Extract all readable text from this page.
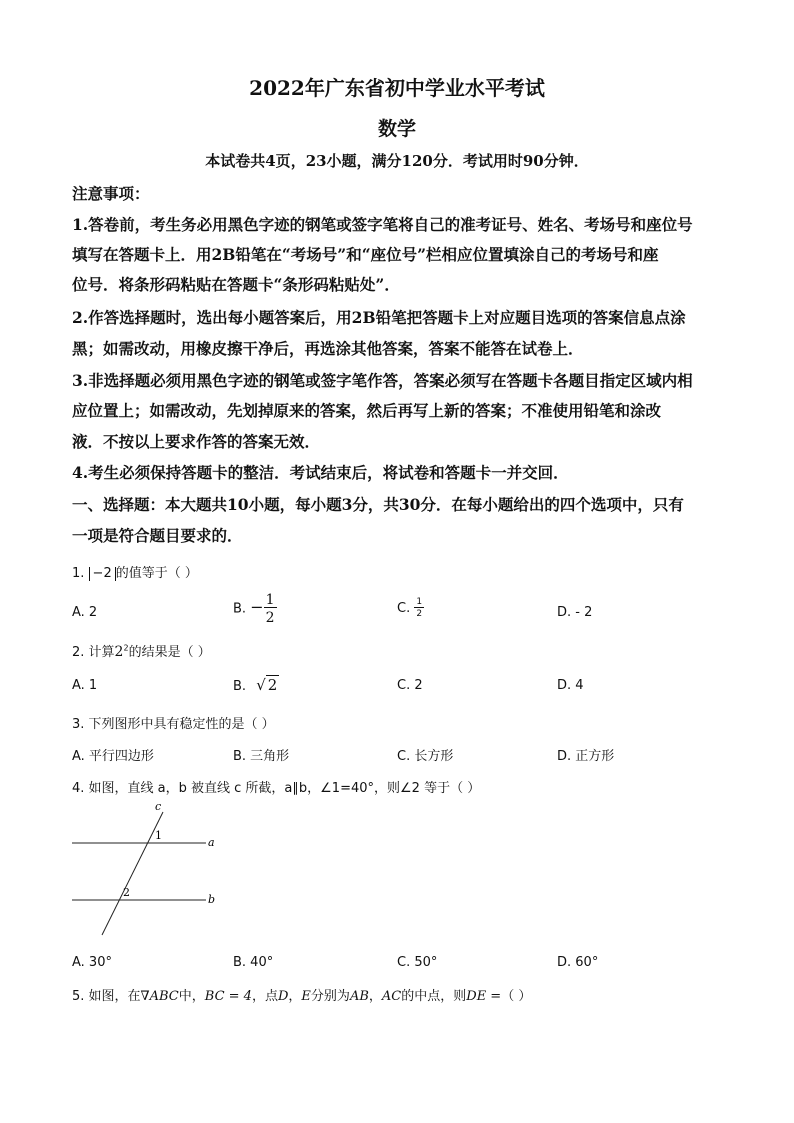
2022年广东省初中学业水平考试
数学
本试卷共4页，23小题，满分120分．考试用时90分钟．
注意事项：
1.答卷前，考生务必用黑色字迹的钢笔或签字笔将自己的准考证号、姓名、考场号和座位号
填写在答题卡上．用2B铅笔在“考场号”和“座位号”栏相应位置填涂自己的考场号和座
位号．将条形码粘贴在答题卡“条形码粘贴处”．
2.作答选择题时，选出每小题答案后，用2B铅笔把答题卡上对应题目选项的答案信息点涂
黑；如需改动，用橡皮擦干净后，再选涂其他答案，答案不能答在试卷上．
3.非选择题必须用黑色字迹的钢笔或签字笔作答，答案必须写在答题卡各题目指定区域内相
应位置上；如需改动，先划掉原来的答案，然后再写上新的答案；不准使用铅笔和涂改
液．不按以上要求作答的答案无效．
4.考生必须保持答题卡的整洁．考试结束后，将试卷和答题卡一并交回．
一、选择题：本大题共10小题，每小题3分，共30分．在每小题给出的四个选项中，只有
一项是符合题目要求的．
1. −2 的值等于（ ）
A. 2	B. − $\frac{1}{2}$	C. $\frac{1}{2}$	D. - 2
2. 计算$2^2$的结果是（ ）
A. 1	B. √ 2	C. 2	D. 4
3. 下列图形中具有稳定性的是（ ）
A. 平行四边形	B. 三角形	C. 长方形	D. 正方形
4. 如图，直线 a，b 被直线 c 所截，a∥b，∠1=40°，则∠2 等于（ ）
c
a
b
1
2
A. 30°	B. 40°	C. 50°	D. 60°
5. 如图，在∇ABC中，BC = 4，点D，E分别为AB，AC的中点，则DE =（ ）
